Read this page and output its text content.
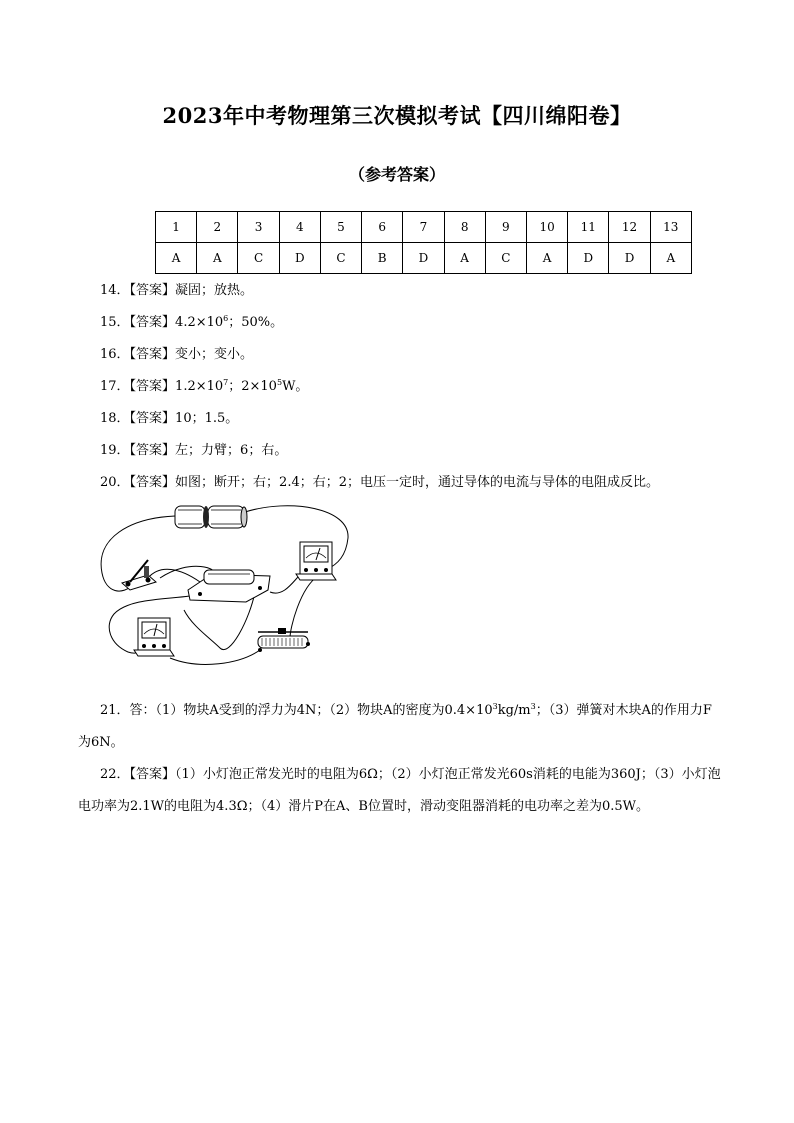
2023年中考物理第三次模拟考试【四川绵阳卷】
（参考答案）
1	2	3	4	5	6	7	8	9	10	11	12	13
A	A	C	D	C	B	D	A	C	A	D	D	A
14．【答案】凝固；放热。
15．【答案】$4.2\times 10^6$；50%。
16．【答案】变小；变小。
17．【答案】$1.2\times 10^7$；$2\times 10^5W$。
18．【答案】10；1.5。
19．【答案】左；力臂；6；右。
20．【答案】如图；断开；右；2.4；右；2；电压一定时，通过导体的电流与导体的电阻成反比。
21．答：（1）物块A受到的浮力为4N；（2）物块A的密度为$0.4\times 10^3kg/m^3$；（3）弹簧对木块A的作用力F为6N。
22．【答案】（1）小灯泡正常发光时的电阻为6Ω；（2）小灯泡正常发光60s消耗的电能为360J；（3）小灯泡电功率为2.1W的电阻为4.3Ω；（4）滑片P在A、B位置时，滑动变阻器消耗的电功率之差为0.5W。
